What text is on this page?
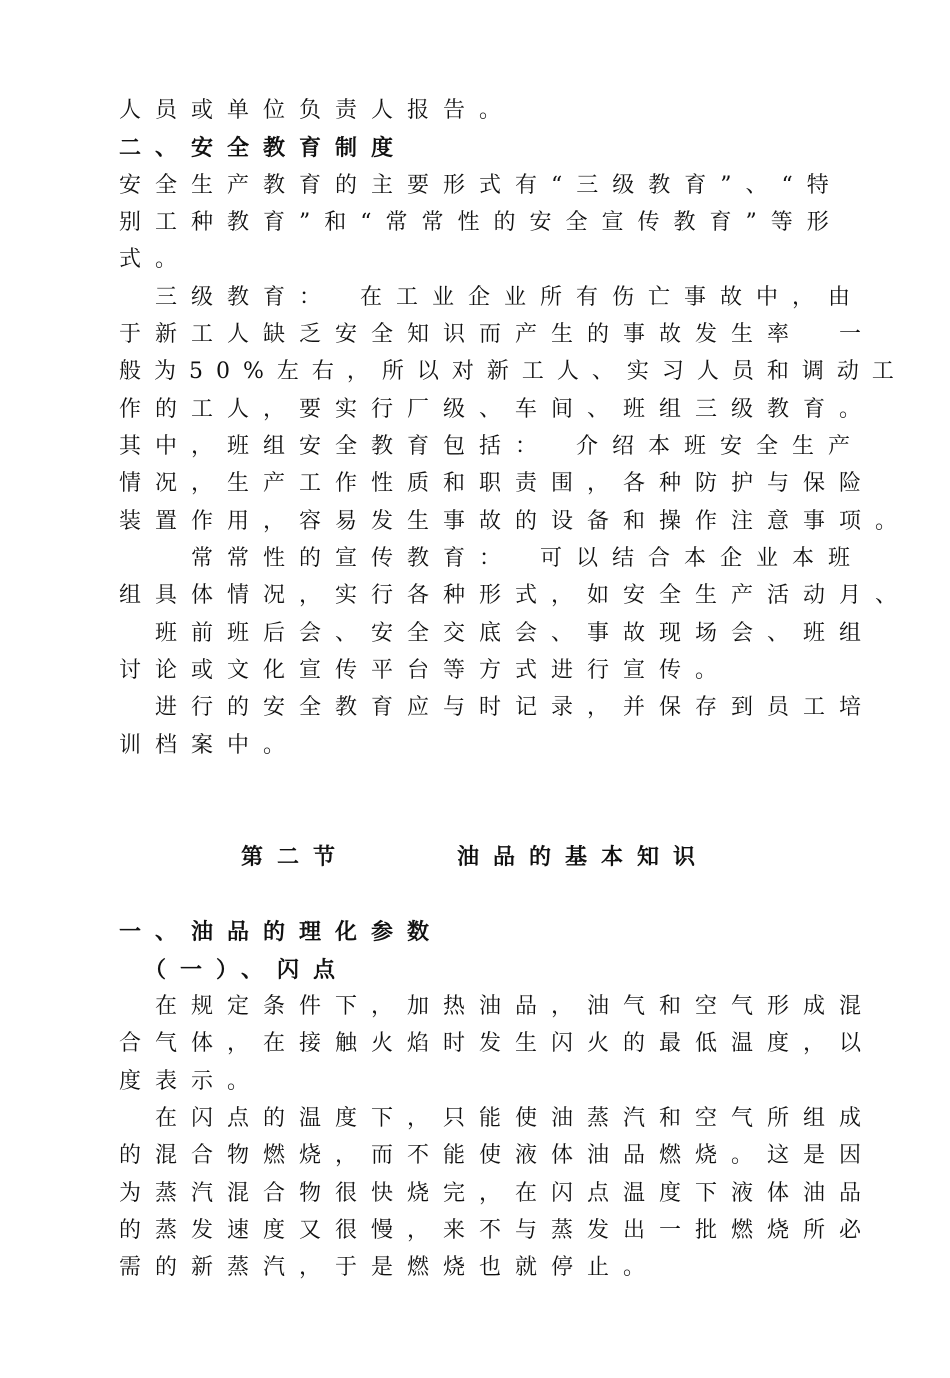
人员或单位负责人报告。
二、安全教育制度
安全生产教育的主要形式有“三级教育”、“特
别工种教育”和“常常性的安全宣传教育”等形
式。
　三级教育：　在工业企业所有伤亡事故中，由
于新工人缺乏安全知识而产生的事故发生率　一
般为50%左右，所以对新工人、实习人员和调动工
作的工人，要实行厂级、车间、班组三级教育。
其中，班组安全教育包括：　介绍本班安全生产
情况，生产工作性质和职责围，各种防护与保险
装置作用，容易发生事故的设备和操作注意事项。
　　常常性的宣传教育：　可以结合本企业本班
组具体情况，实行各种形式，如安全生产活动月、
　班前班后会、安全交底会、事故现场会、班组
讨论或文化宣传平台等方式进行宣传。
　进行的安全教育应与时记录，并保存到员工培
训档案中。
第二节　　　油品的基本知识
一、油品的理化参数
　（一）、闪点
　在规定条件下，加热油品，油气和空气形成混
合气体，在接触火焰时发生闪火的最低温度，以
度表示。
　在闪点的温度下，只能使油蒸汽和空气所组成
的混合物燃烧，而不能使液体油品燃烧。这是因
为蒸汽混合物很快烧完，在闪点温度下液体油品
的蒸发速度又很慢，来不与蒸发出一批燃烧所必
需的新蒸汽，于是燃烧也就停止。
